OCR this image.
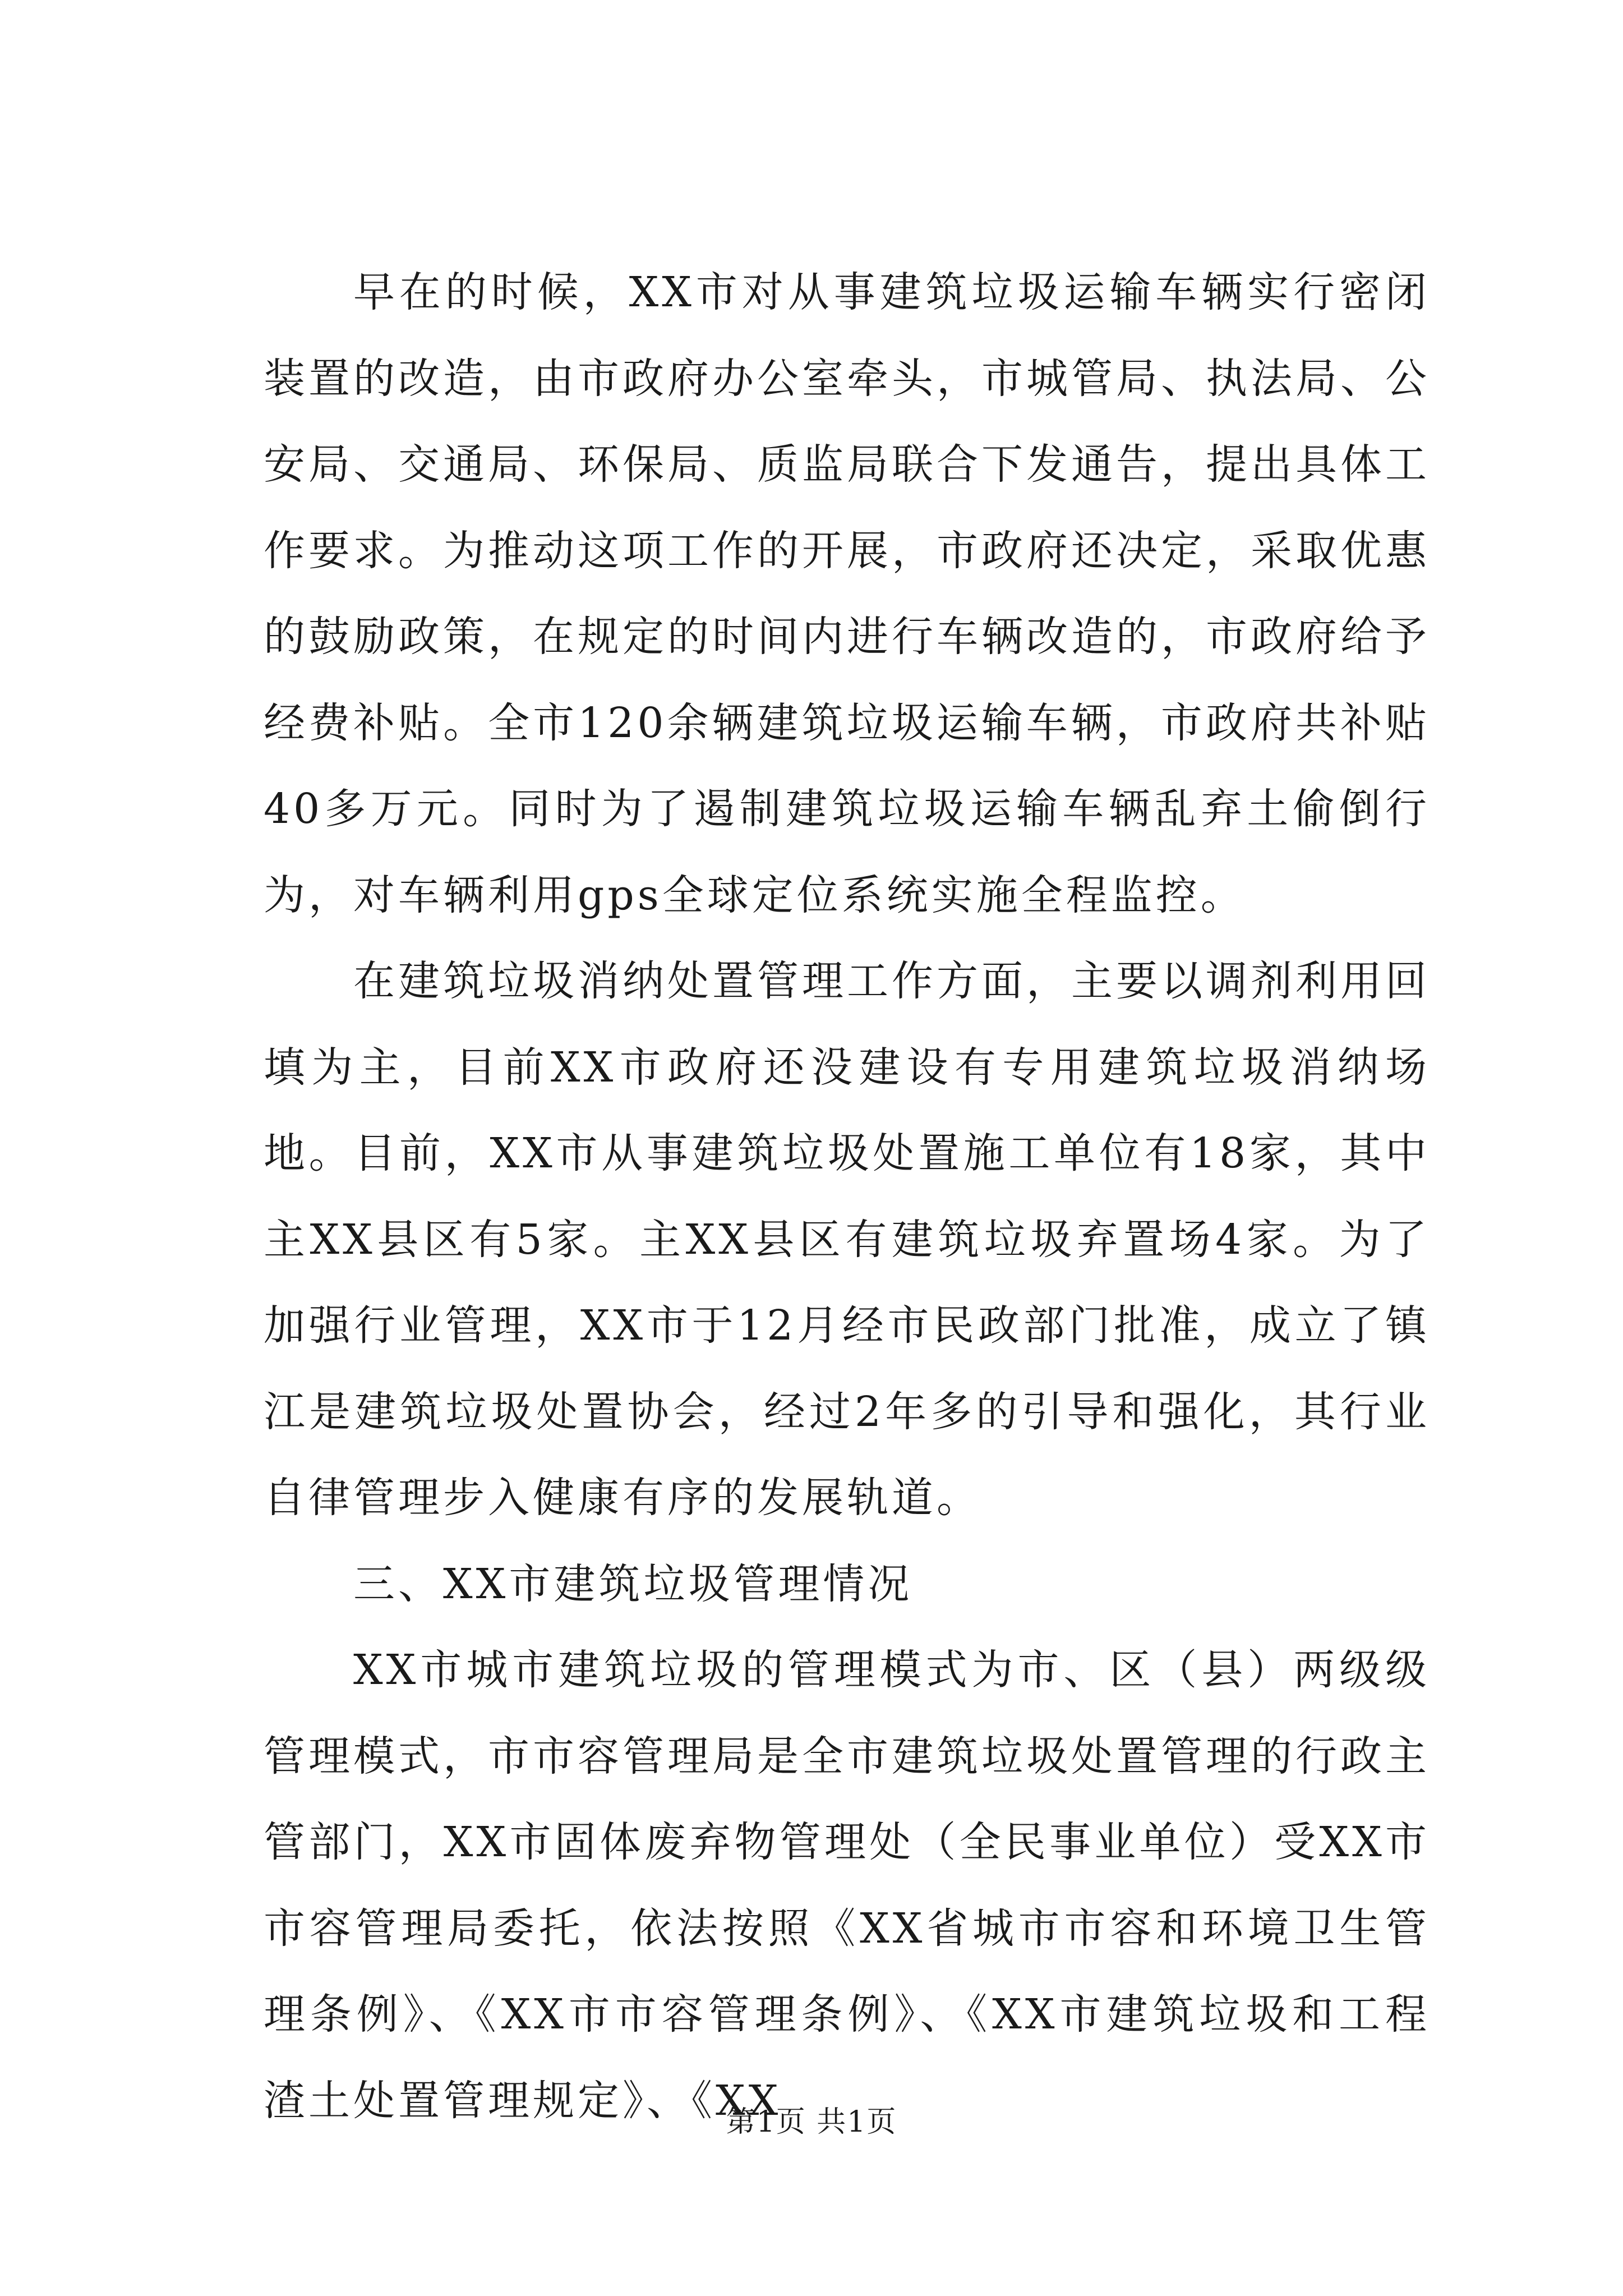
早在的时候，XX市对从事建筑垃圾运输车辆实行密闭装置的改造，由市政府办公室牵头，市城管局、执法局、公安局、交通局、环保局、质监局联合下发通告，提出具体工作要求。为推动这项工作的开展，市政府还决定，采取优惠的鼓励政策，在规定的时间内进行车辆改造的，市政府给予经费补贴。全市120余辆建筑垃圾运输车辆，市政府共补贴40多万元。同时为了遏制建筑垃圾运输车辆乱弃土偷倒行为，对车辆利用gps全球定位系统实施全程监控。

在建筑垃圾消纳处置管理工作方面，主要以调剂利用回填为主，目前XX市政府还没建设有专用建筑垃圾消纳场地。目前，XX市从事建筑垃圾处置施工单位有18家，其中主XX县区有5家。主XX县区有建筑垃圾弃置场4家。为了加强行业管理，XX市于12月经市民政部门批准，成立了镇江是建筑垃圾处置协会，经过2年多的引导和强化，其行业自律管理步入健康有序的发展轨道。

三、XX市建筑垃圾管理情况

XX市城市建筑垃圾的管理模式为市、区（县）两级级管理模式，市市容管理局是全市建筑垃圾处置管理的行政主管部门，XX市固体废弃物管理处（全民事业单位）受XX市市容管理局委托，依法按照《XX省城市市容和环境卫生管理条例》、《XX市市容管理条例》、《XX市建筑垃圾和工程渣土处置管理规定》、《XX

第1页 共1页
